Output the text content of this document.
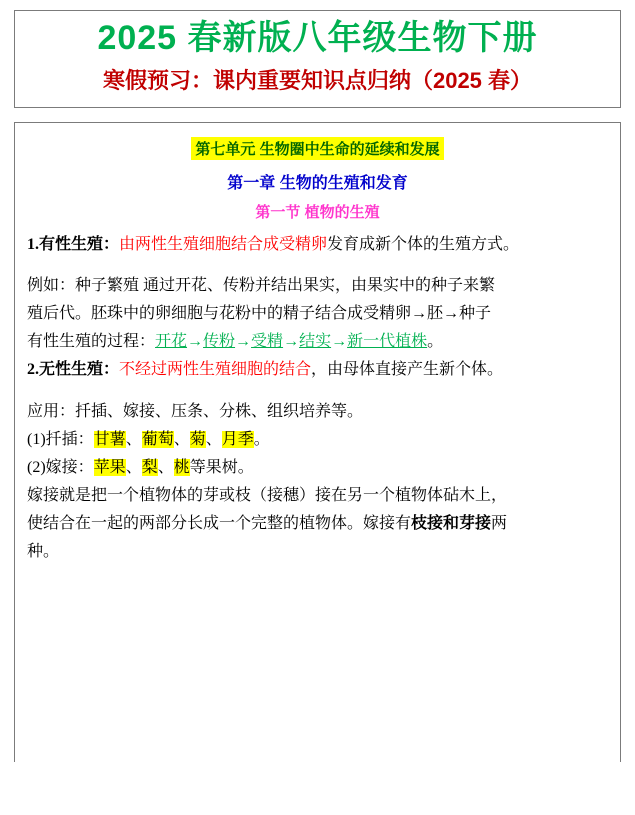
2025 春新版八年级生物下册
寒假预习：课内重要知识点归纳（2025 春）
第七单元 生物圈中生命的延续和发展
第一章 生物的生殖和发育
第一节 植物的生殖

1.有性生殖：由两性生殖细胞结合成受精卵发育成新个体的生殖方式。

例如：种子繁殖 通过开花、传粉并结出果实，由果实中的种子来繁

殖后代。胚珠中的卵细胞与花粉中的精子结合成受精卵→胚→种子

有性生殖的过程：开花→传粉→受精→结实→新一代植株。

2.无性生殖：不经过两性生殖细胞的结合，由母体直接产生新个体。

应用：扦插、嫁接、压条、分株、组织培养等。

(1)扦插：甘薯、葡萄、菊、月季。

(2)嫁接：苹果、梨、桃等果树。

嫁接就是把一个植物体的芽或枝（接穗）接在另一个植物体砧木上，

使结合在一起的两部分长成一个完整的植物体。嫁接有枝接和芽接两

种。
